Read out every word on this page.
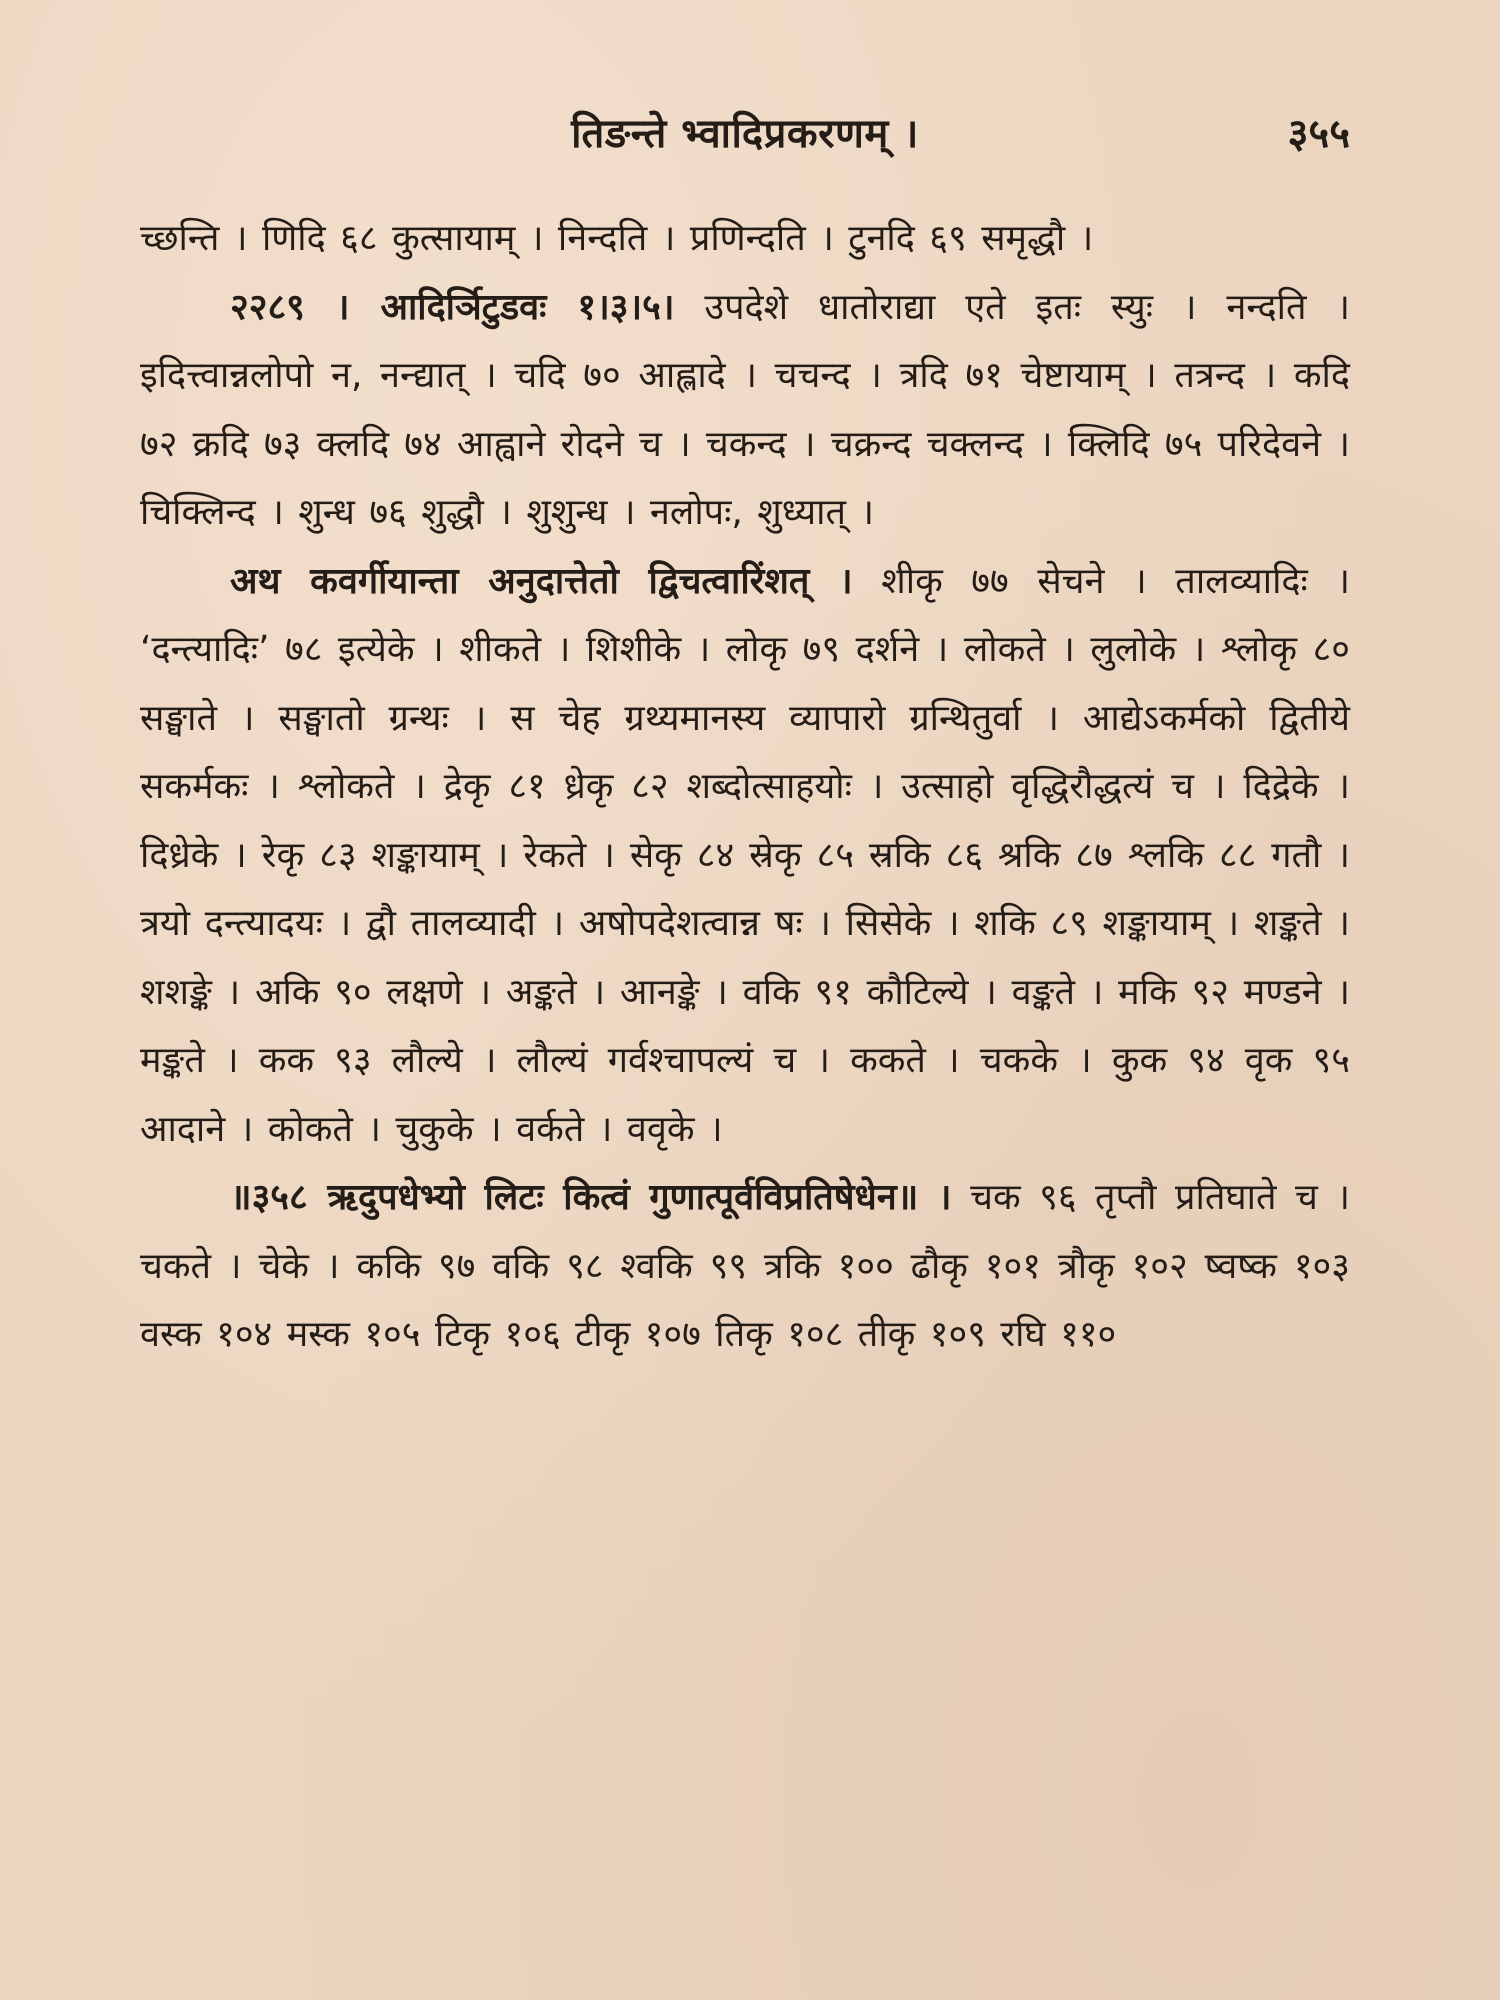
तिङन्ते भ्वादिप्रकरणम् ।	३५५

च्छन्ति । णिदि ६८ कुत्सायाम् । निन्दति । प्रणिन्दति । टुनदि ६९ समृद्धौ ।

२२८९ । आदिर्ञिटुडवः १।३।५। उपदेशे धातोराद्या एते इतः स्युः । नन्दति । इदित्त्वान्नलोपो न, नन्द्यात् । चदि ७० आह्लादे । चचन्द । त्रदि ७१ चेष्टायाम् । तत्रन्द । कदि ७२ क्रदि ७३ क्लदि ७४ आह्वाने रोदने च । चकन्द । चक्रन्द चक्लन्द । क्लिदि ७५ परिदेवने । चिक्लिन्द । शुन्ध ७६ शुद्धौ । शुशुन्ध । नलोपः, शुध्यात् ।

अथ कवर्गीयान्ता अनुदात्तेतो द्विचत्वारिंशत् । शीकृ ७७ सेचने । तालव्यादिः । ‘दन्त्यादिः’ ७८ इत्येके । शीकते । शिशीके । लोकृ ७९ दर्शने । लोकते । लुलोके । श्लोकृ ८० सङ्घाते । सङ्घातो ग्रन्थः । स चेह ग्रथ्यमानस्य व्यापारो ग्रन्थितुर्वा । आद्येऽकर्मको द्वितीये सकर्मकः । श्लोकते । द्रेकृ ८१ ध्रेकृ ८२ शब्दोत्साहयोः । उत्साहो वृद्धिरौद्धत्यं च । दिद्रेके । दिध्रेके । रेकृ ८३ शङ्कायाम् । रेकते । सेकृ ८४ स्रेकृ ८५ स्रकि ८६ श्रकि ८७ श्लकि ८८ गतौ । त्रयो दन्त्यादयः । द्वौ तालव्यादी । अषोपदेशत्वान्न षः । सिसेके । शकि ८९ शङ्कायाम् । शङ्कते । शशङ्के । अकि ९० लक्षणे । अङ्कते । आनङ्के । वकि ९१ कौटिल्ये । वङ्कते । मकि ९२ मण्डने । मङ्कते । कक ९३ लौल्ये । लौल्यं गर्वश्चापल्यं च । ककते । चकके । कुक ९४ वृक ९५ आदाने । कोकते । चुकुके । वर्कते । ववृके ।

॥३५८ ऋदुपधेभ्यो लिटः कित्वं गुणात्पूर्वविप्रतिषेधेन॥ । चक ९६ तृप्तौ प्रतिघाते च । चकते । चेके । ककि ९७ वकि ९८ श्वकि ९९ त्रकि १०० ढौकृ १०१ त्रौकृ १०२ ष्वष्क १०३ वस्क १०४ मस्क १०५ टिकृ १०६ टीकृ १०७ तिकृ १०८ तीकृ १०९ रघि ११०
